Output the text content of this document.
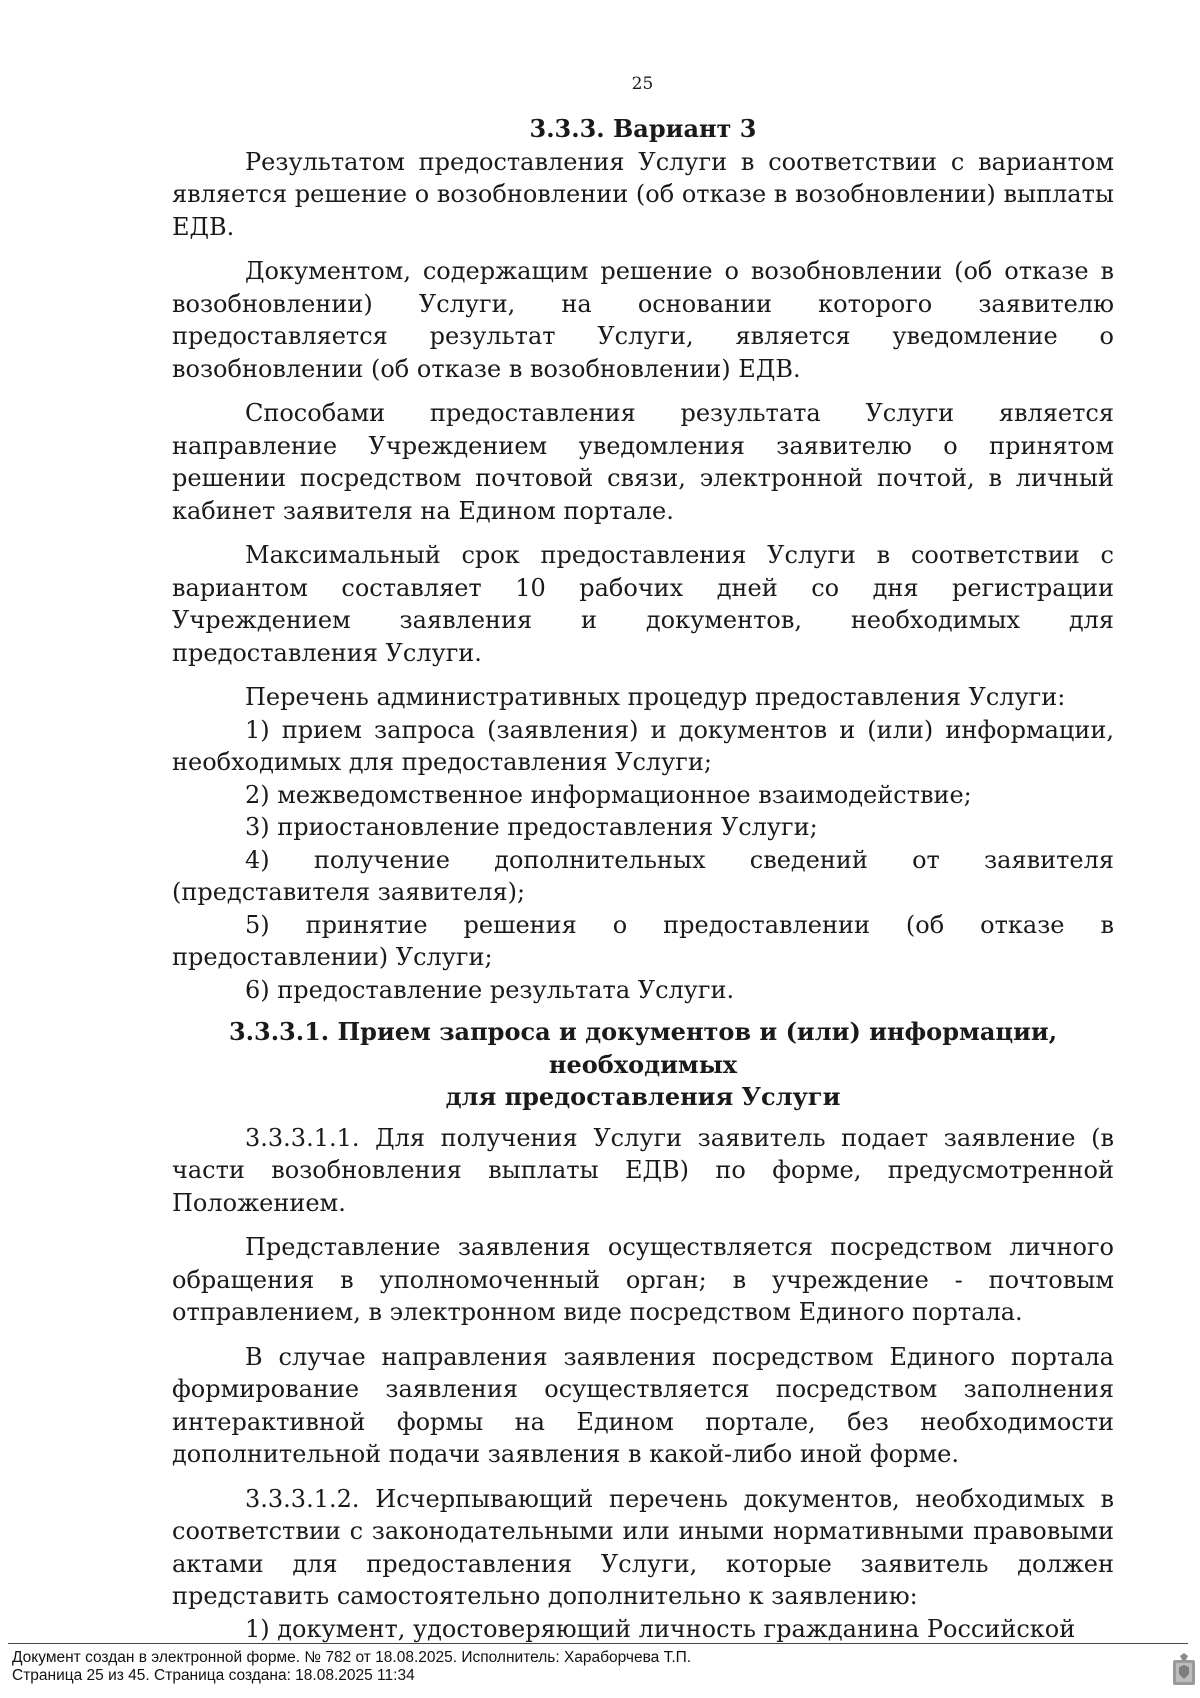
25
3.3.3. Вариант 3

Результатом предоставления Услуги в соответствии с вариантом является решение о возобновлении (об отказе в возобновлении) выплаты ЕДВ.

Документом, содержащим решение о возобновлении (об отказе в возобновлении) Услуги, на основании которого заявителю предоставляется результат Услуги, является уведомление о возобновлении (об отказе в возобновлении) ЕДВ.

Способами предоставления результата Услуги является направление Учреждением уведомления заявителю о принятом решении посредством почтовой связи, электронной почтой, в личный кабинет заявителя на Едином портале.

Максимальный срок предоставления Услуги в соответствии с вариантом составляет 10 рабочих дней со дня регистрации Учреждением заявления и документов, необходимых для предоставления Услуги.

Перечень административных процедур предоставления Услуги:

1) прием запроса (заявления) и документов и (или) информации, необходимых для предоставления Услуги;

2) межведомственное информационное взаимодействие;

3) приостановление предоставления Услуги;

4) получение дополнительных сведений от заявителя (представителя заявителя);

5) принятие решения о предоставлении (об отказе в предоставлении) Услуги;

6) предоставление результата Услуги.

3.3.3.1. Прием запроса и документов и (или) информации, необходимых
для предоставления Услуги

3.3.3.1.1. Для получения Услуги заявитель подает заявление (в части возобновления выплаты ЕДВ) по форме, предусмотренной Положением.

Представление заявления осуществляется посредством личного обращения в уполномоченный орган; в учреждение - почтовым отправлением, в электронном виде посредством Единого портала.

В случае направления заявления посредством Единого портала формирование заявления осуществляется посредством заполнения интерактивной формы на Едином портале, без необходимости дополнительной подачи заявления в какой-либо иной форме.

3.3.3.1.2. Исчерпывающий перечень документов, необходимых в соответствии с законодательными или иными нормативными правовыми актами для предоставления Услуги, которые заявитель должен представить самостоятельно дополнительно к заявлению:

1) документ, удостоверяющий личность гражданина Российской

Документ создан в электронной форме. № 782 от 18.08.2025. Исполнитель: Хараборчева Т.П.
Страница 25 из 45. Страница создана: 18.08.2025 11:34
